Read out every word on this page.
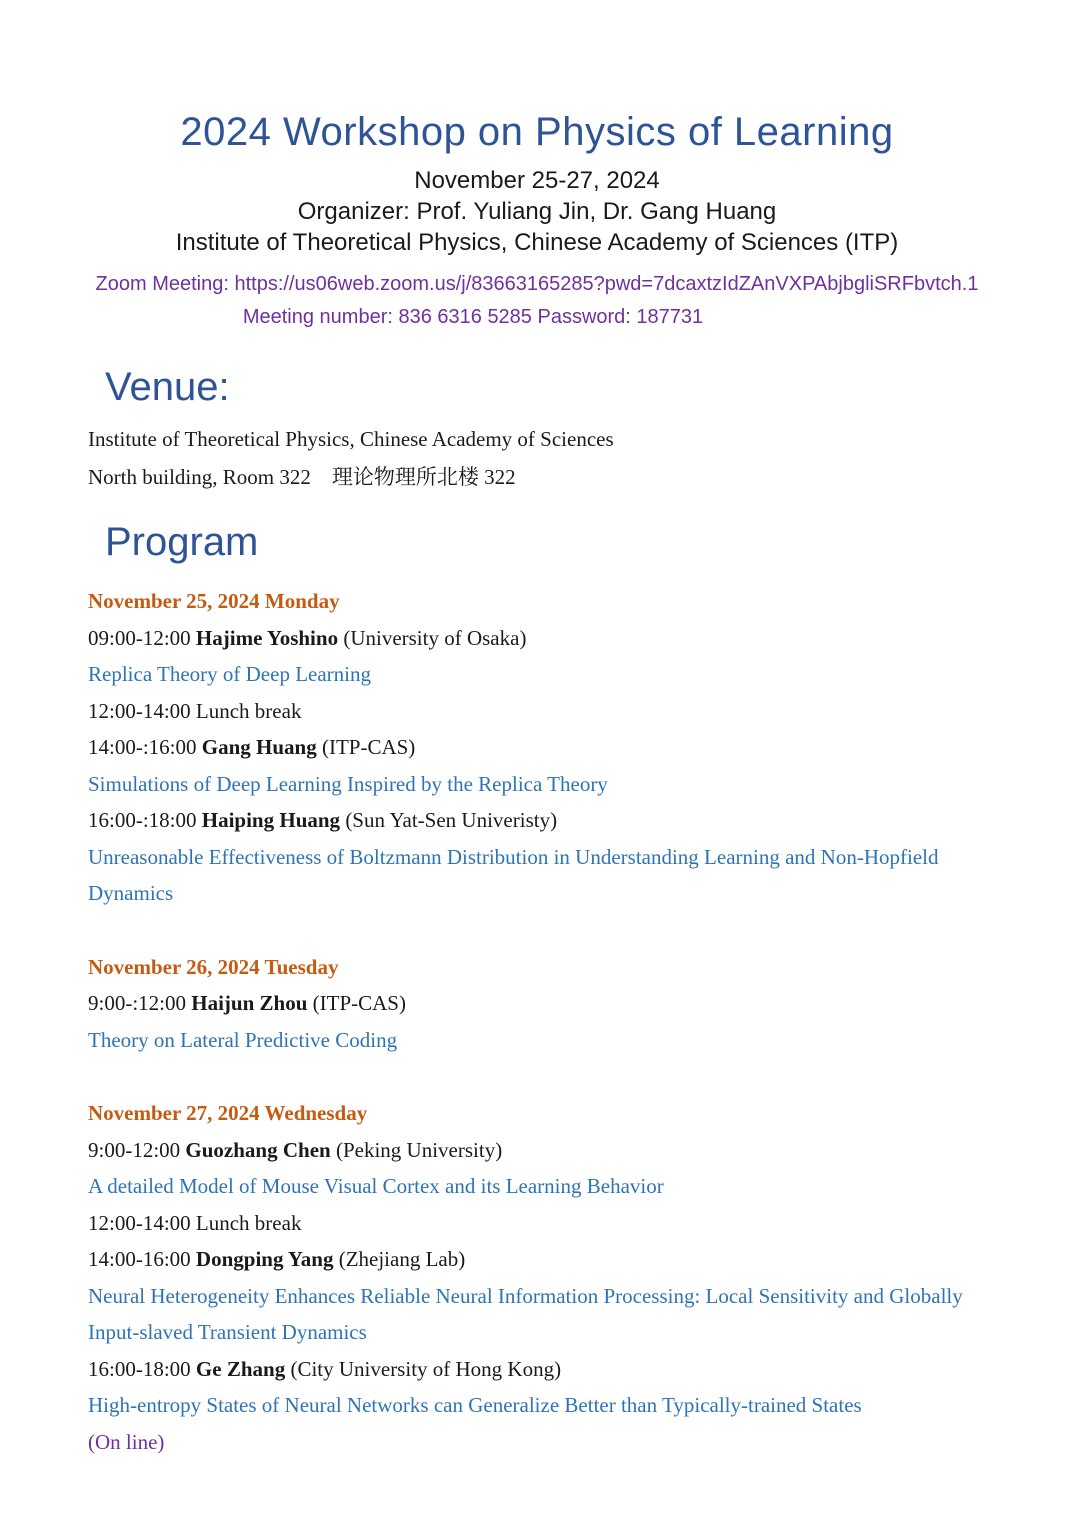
2024 Workshop on Physics of Learning

November 25-27, 2024

Organizer: Prof. Yuliang Jin, Dr. Gang Huang

Institute of Theoretical Physics, Chinese Academy of Sciences (ITP)

Zoom Meeting: https://us06web.zoom.us/j/83663165285?pwd=7dcaxtzIdZAnVXPAbjbgliSRFbvtch.1

Meeting number: 836 6316 5285 Password: 187731

Venue:

Institute of Theoretical Physics, Chinese Academy of Sciences

North building, Room 322　理论物理所北楼 322

Program
November 25, 2024 Monday

09:00-12:00 Hajime Yoshino (University of Osaka)

Replica Theory of Deep Learning

12:00-14:00 Lunch break

14:00-:16:00 Gang Huang (ITP-CAS)

Simulations of Deep Learning Inspired by the Replica Theory

16:00-:18:00 Haiping Huang (Sun Yat-Sen Univeristy)

Unreasonable Effectiveness of Boltzmann Distribution in Understanding Learning and Non-Hopfield Dynamics

November 26, 2024 Tuesday

9:00-:12:00 Haijun Zhou (ITP-CAS)

Theory on Lateral Predictive Coding

November 27, 2024 Wednesday

9:00-12:00 Guozhang Chen (Peking University)

A detailed Model of Mouse Visual Cortex and its Learning Behavior

12:00-14:00 Lunch break

14:00-16:00 Dongping Yang (Zhejiang Lab)

Neural Heterogeneity Enhances Reliable Neural Information Processing: Local Sensitivity and Globally Input-slaved Transient Dynamics

16:00-18:00 Ge Zhang (City University of Hong Kong)

High-entropy States of Neural Networks can Generalize Better than Typically-trained States

(On line)
